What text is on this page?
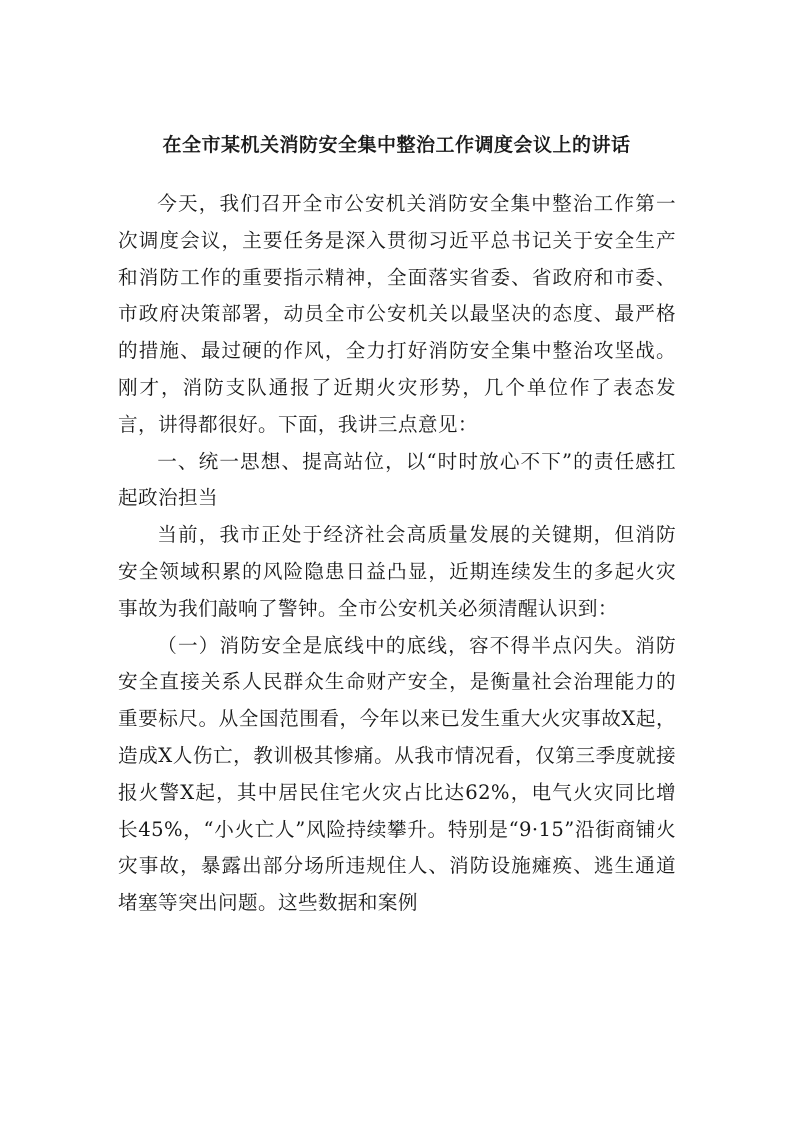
在全市某机关消防安全集中整治工作调度会议上的讲话

今天，我们召开全市公安机关消防安全集中整治工作第一次调度会议，主要任务是深入贯彻习近平总书记关于安全生产和消防工作的重要指示精神，全面落实省委、省政府和市委、市政府决策部署，动员全市公安机关以最坚决的态度、最严格的措施、最过硬的作风，全力打好消防安全集中整治攻坚战。刚才，消防支队通报了近期火灾形势，几个单位作了表态发言，讲得都很好。下面，我讲三点意见：

一、统一思想、提高站位，以“时时放心不下”的责任感扛起政治担当

当前，我市正处于经济社会高质量发展的关键期，但消防安全领域积累的风险隐患日益凸显，近期连续发生的多起火灾事故为我们敲响了警钟。全市公安机关必须清醒认识到：

（一）消防安全是底线中的底线，容不得半点闪失。消防安全直接关系人民群众生命财产安全，是衡量社会治理能力的重要标尺。从全国范围看，今年以来已发生重大火灾事故X起，造成X人伤亡，教训极其惨痛。从我市情况看，仅第三季度就接报火警X起，其中居民住宅火灾占比达62%，电气火灾同比增长45%，“小火亡人”风险持续攀升。特别是“9·15”沿街商铺火灾事故，暴露出部分场所违规住人、消防设施瘫痪、逃生通道堵塞等突出问题。这些数据和案例
